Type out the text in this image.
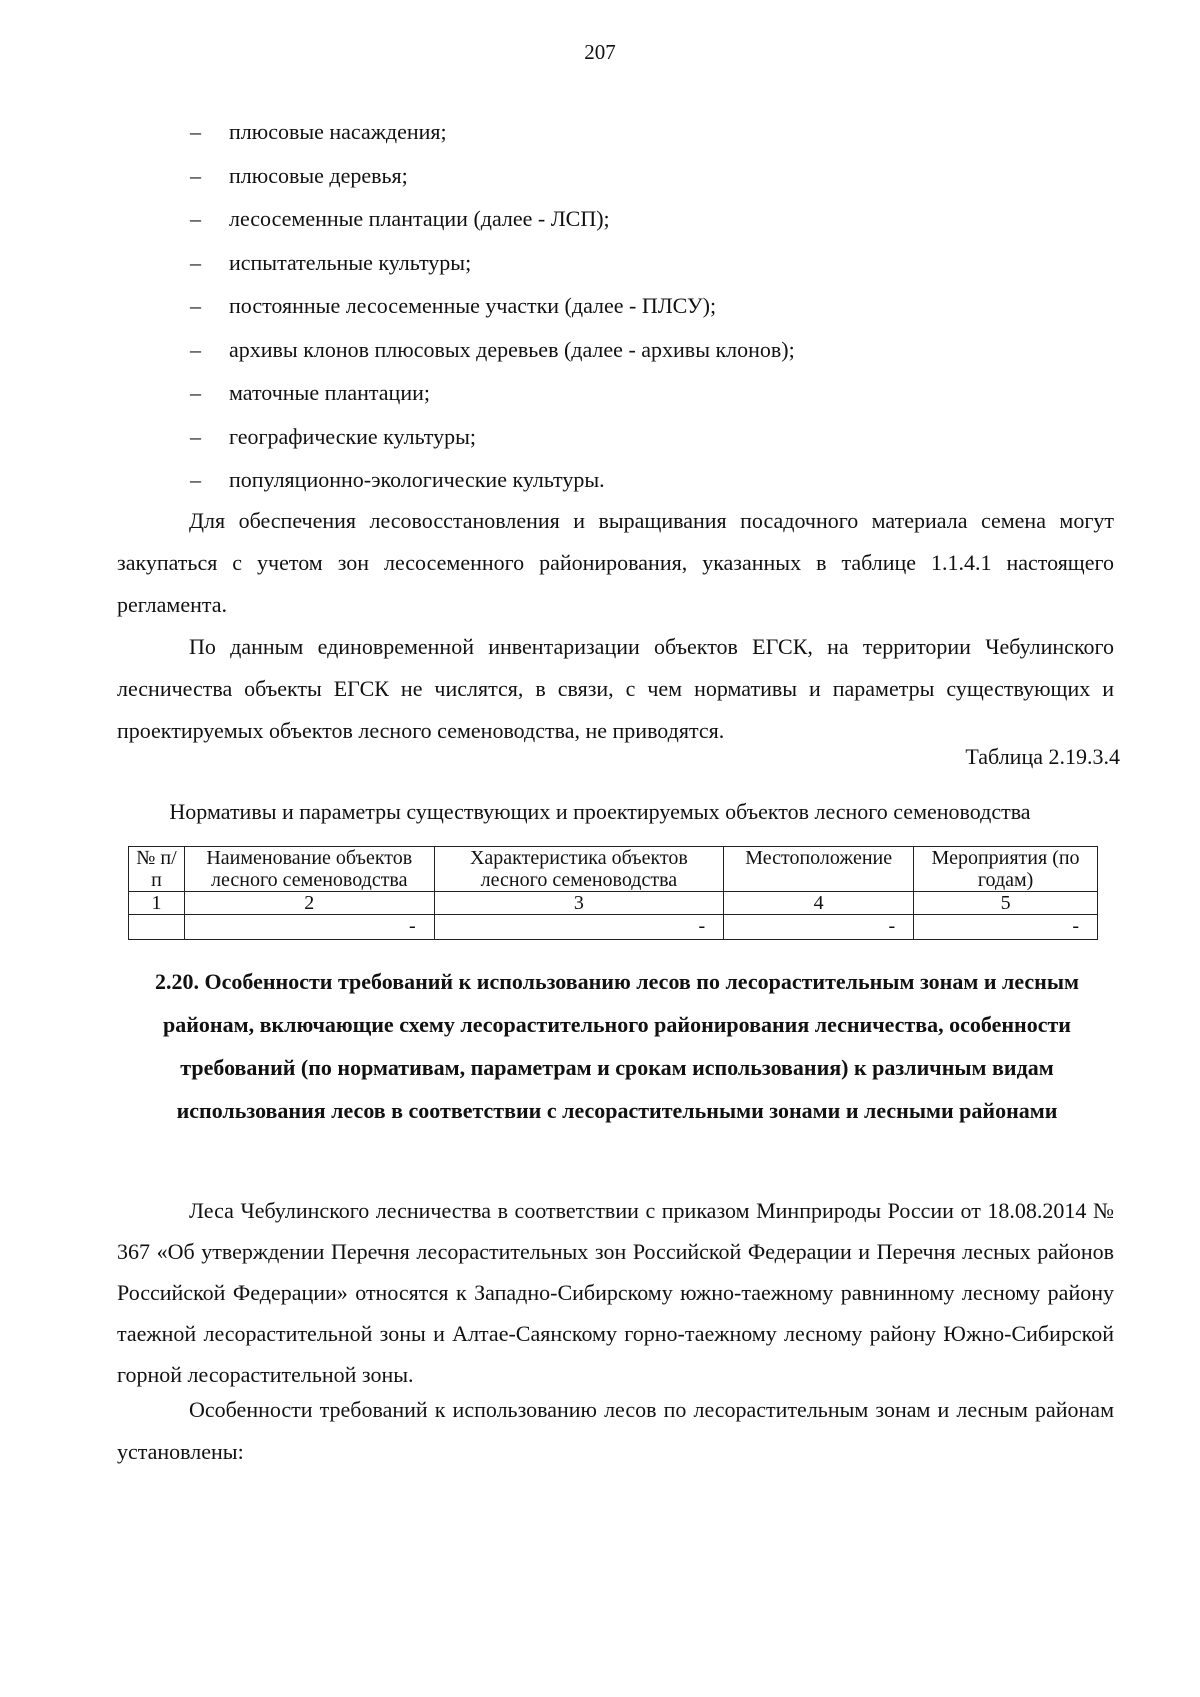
207
– плюсовые насаждения;
– плюсовые деревья;
– лесосеменные плантации (далее - ЛСП);
– испытательные культуры;
– постоянные лесосеменные участки (далее - ПЛСУ);
– архивы клонов плюсовых деревьев (далее - архивы клонов);
– маточные плантации;
– географические культуры;
– популяционно-экологические культуры.

Для обеспечения лесовосстановления и выращивания посадочного материала семена могут закупаться с учетом зон лесосеменного районирования, указанных в таблице 1.1.4.1 настоящего регламента.

По данным единовременной инвентаризации объектов ЕГСК, на территории Чебулинского лесничества объекты ЕГСК не числятся, в связи, с чем нормативы и параметры существующих и проектируемых объектов лесного семеноводства, не приводятся.

Таблица 2.19.3.4
Нормативы и параметры существующих и проектируемых объектов лесного семеноводства
№ п/п	Наименование объектов лесного семеноводства	Характеристика объектов лесного семеноводства	Местоположение	Мероприятия (по годам)
1	2	3	4	5
	-	-	-	-
2.20. Особенности требований к использованию лесов по лесорастительным зонам и лесным районам, включающие схему лесорастительного районирования лесничества, особенности требований (по нормативам, параметрам и срокам использования) к различным видам использования лесов в соответствии с лесорастительными зонами и лесными районами

Леса Чебулинского лесничества в соответствии с приказом Минприроды России от 18.08.2014 № 367 «Об утверждении Перечня лесорастительных зон Российской Федерации и Перечня лесных районов Российской Федерации» относятся к Западно-Сибирскому южно-таежному равнинному лесному району таежной лесорастительной зоны и Алтае-Саянскому горно-таежному лесному району Южно-Сибирской горной лесорастительной зоны.

Особенности требований к использованию лесов по лесорастительным зонам и лесным районам установлены:
